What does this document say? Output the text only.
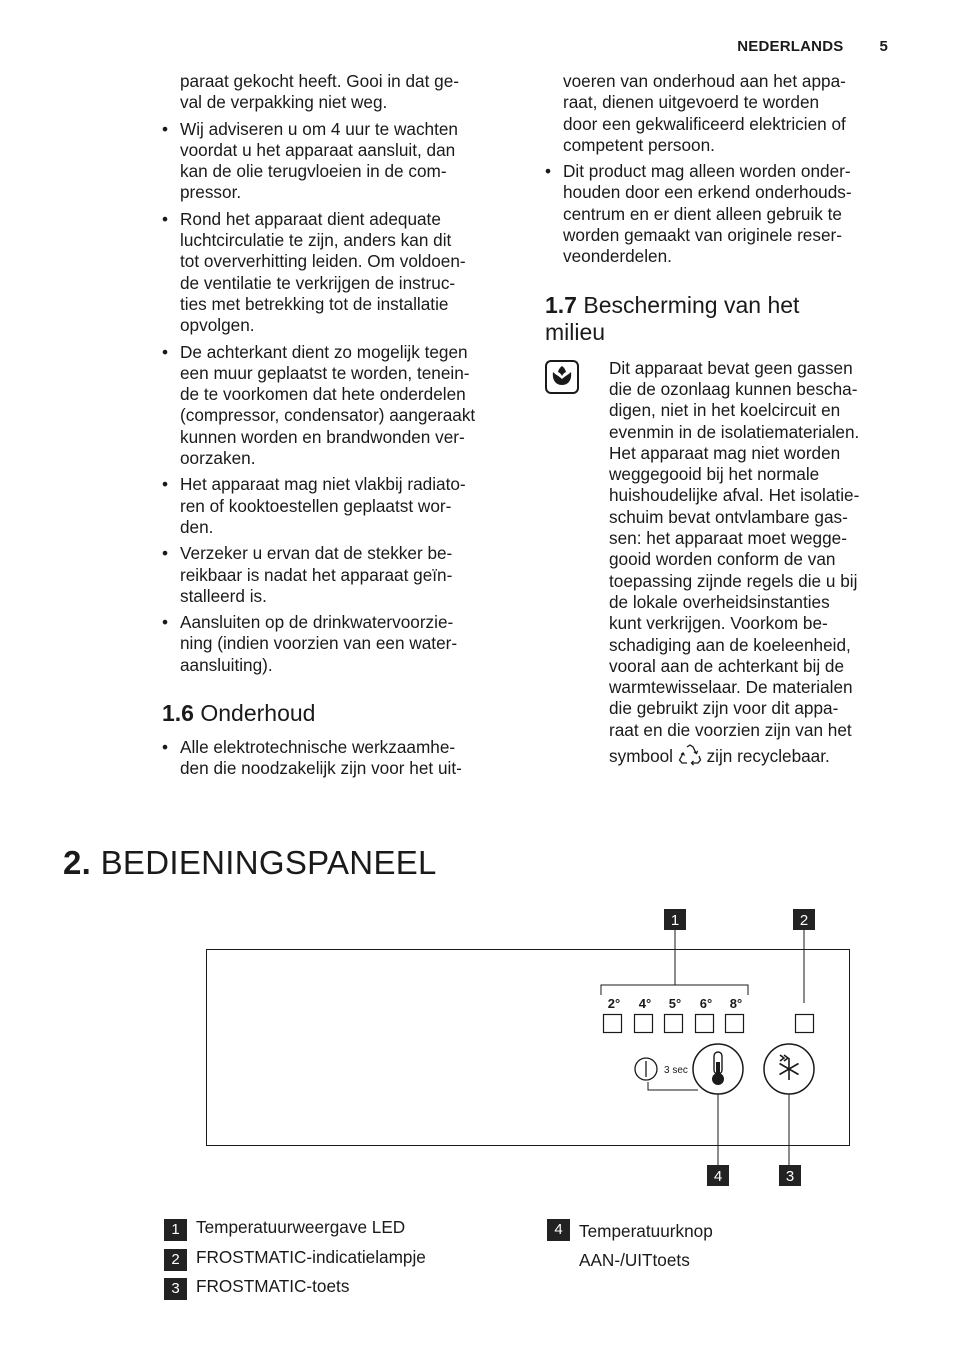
NEDERLANDS 5
paraat gekocht heeft. Gooi in dat ge-
val de verpakking niet weg.
• Wij adviseren u om 4 uur te wachten
voordat u het apparaat aansluit, dan
kan de olie terugvloeien in de com-
pressor.
• Rond het apparaat dient adequate
luchtcirculatie te zijn, anders kan dit
tot oververhitting leiden. Om voldoen-
de ventilatie te verkrijgen de instruc-
ties met betrekking tot de installatie
opvolgen.
• De achterkant dient zo mogelijk tegen
een muur geplaatst te worden, tenein-
de te voorkomen dat hete onderdelen
(compressor, condensator) aangeraakt
kunnen worden en brandwonden ver-
oorzaken.
• Het apparaat mag niet vlakbij radiato-
ren of kooktoestellen geplaatst wor-
den.
• Verzeker u ervan dat de stekker be-
reikbaar is nadat het apparaat geïn-
stalleerd is.
• Aansluiten op de drinkwatervoorzie-
ning (indien voorzien van een water-
aansluiting).
1.6 Onderhoud
• Alle elektrotechnische werkzaamhe-
den die noodzakelijk zijn voor het uit-
voeren van onderhoud aan het appa-
raat, dienen uitgevoerd te worden
door een gekwalificeerd elektricien of
competent persoon.
• Dit product mag alleen worden onder-
houden door een erkend onderhouds-
centrum en er dient alleen gebruik te
worden gemaakt van originele reser-
veonderdelen.
1.7 Bescherming van het
milieu
Dit apparaat bevat geen gassen
die de ozonlaag kunnen bescha-
digen, niet in het koelcircuit en
evenmin in de isolatiematerialen.
Het apparaat mag niet worden
weggegooid bij het normale
huishoudelijke afval. Het isolatie-
schuim bevat ontvlambare gas-
sen: het apparaat moet wegge-
gooid worden conform de van
toepassing zijnde regels die u bij
de lokale overheidsinstanties
kunt verkrijgen. Voorkom be-
schadiging aan de koeleenheid,
vooral aan de achterkant bij de
warmtewisselaar. De materialen
die gebruikt zijn voor dit appa-
raat en die voorzien zijn van het
symbool zijn recyclebaar.
2. BEDIENINGSPANEEL
1	2
2° 4° 5° 6° 8°
3 sec
4	3
1 Temperatuurweergave LED
2 FROSTMATIC-indicatielampje
3 FROSTMATIC-toets
4 Temperatuurknop
AAN-/UITtoets
